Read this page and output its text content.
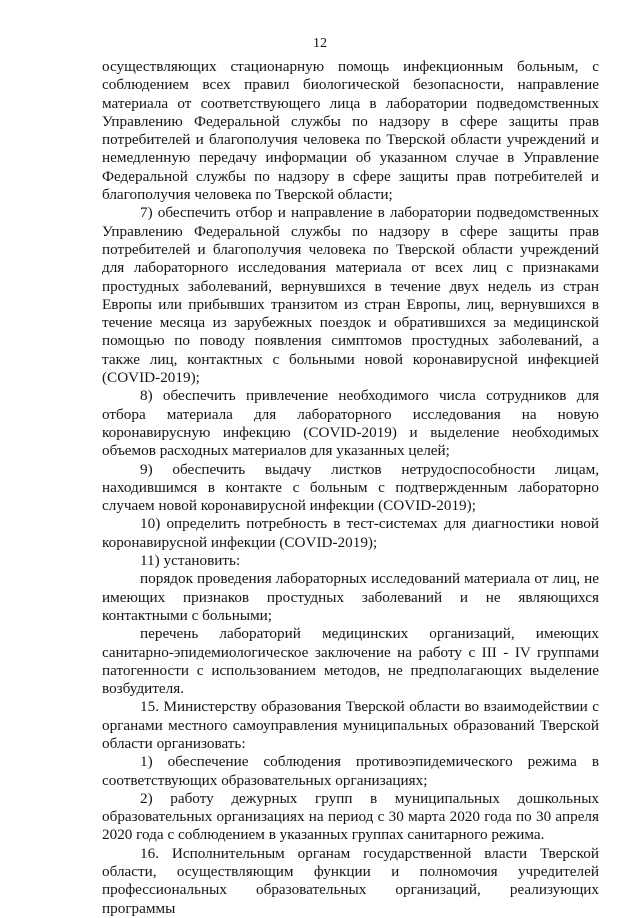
12

осуществляющих стационарную помощь инфекционным больным, с соблюдением всех правил биологической безопасности, направление материала от соответствующего лица в лаборатории подведомственных Управлению Федеральной службы по надзору в сфере защиты прав потребителей и благополучия человека по Тверской области учреждений и немедленную передачу информации об указанном случае в Управление Федеральной службы по надзору в сфере защиты прав потребителей и благополучия человека по Тверской области;

7) обеспечить отбор и направление в лаборатории подведомственных Управлению Федеральной службы по надзору в сфере защиты прав потребителей и благополучия человека по Тверской области учреждений для лабораторного исследования материала от всех лиц с признаками простудных заболеваний, вернувшихся в течение двух недель из стран Европы или прибывших транзитом из стран Европы, лиц, вернувшихся в течение месяца из зарубежных поездок и обратившихся за медицинской помощью по поводу появления симптомов простудных заболеваний, а также лиц, контактных с больными новой коронавирусной инфекцией (COVID-2019);

8) обеспечить привлечение необходимого числа сотрудников для отбора материала для лабораторного исследования на новую коронавирусную инфекцию (COVID-2019) и выделение необходимых объемов расходных материалов для указанных целей;

9) обеспечить выдачу листков нетрудоспособности лицам, находившимся в контакте с больным с подтвержденным лабораторно случаем новой коронавирусной инфекции (COVID-2019);

10) определить потребность в тест-системах для диагностики новой коронавирусной инфекции (COVID-2019);

11) установить:

порядок проведения лабораторных исследований материала от лиц, не имеющих признаков простудных заболеваний и не являющихся контактными с больными;

перечень лабораторий медицинских организаций, имеющих санитарно-эпидемиологическое заключение на работу с III - IV группами патогенности с использованием методов, не предполагающих выделение возбудителя.

15. Министерству образования Тверской области во взаимодействии с органами местного самоуправления муниципальных образований Тверской области организовать:

1) обеспечение соблюдения противоэпидемического режима в соответствующих образовательных организациях;

2) работу дежурных групп в муниципальных дошкольных образовательных организациях на период с 30 марта 2020 года по 30 апреля 2020 года с соблюдением в указанных группах санитарного режима.

16. Исполнительным органам государственной власти Тверской области, осуществляющим функции и полномочия учредителей профессиональных образовательных организаций, реализующих программы
